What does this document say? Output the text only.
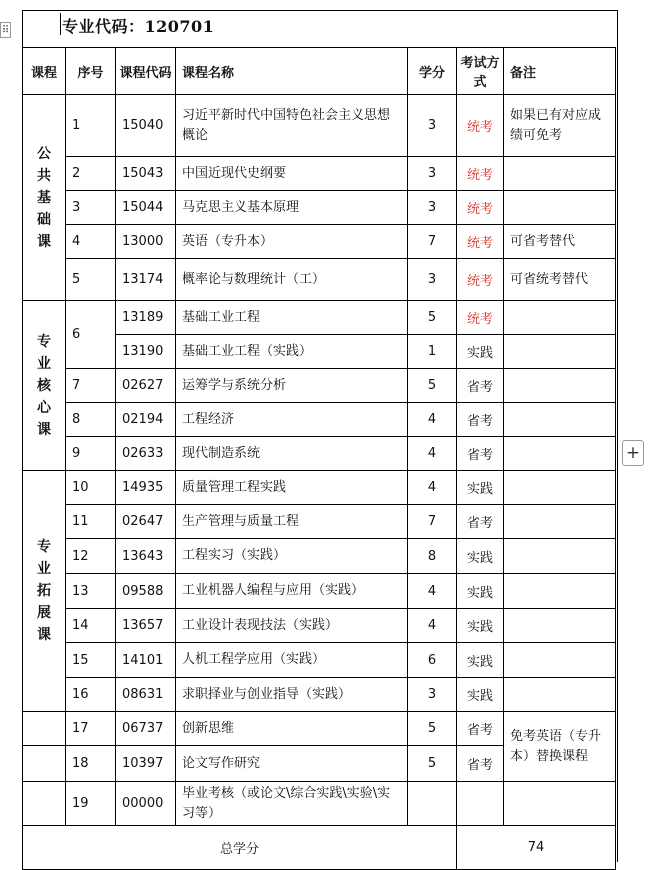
⠿
+
专业代码：120701
课程	序号	课程代码	课程名称	学分	考试方式	备注

公
共
基
础
课	1	15040	习近平新时代中国特色社会主义思想概论	3	统考	如果已有对应成绩可免考
	2	15043	中国近现代史纲要	3	统考	
	3	15044	马克思主义基本原理	3	统考	
	4	13000	英语（专升本）	7	统考	可省考替代
	5	13174	概率论与数理统计（工）	3	统考	可省统考替代

专
业
核
心
课	6	13189	基础工业工程	5	统考	
		13190	基础工业工程（实践）	1	实践	
	7	02627	运筹学与系统分析	5	省考	
	8	02194	工程经济	4	省考	
	9	02633	现代制造系统	4	省考	

专
业
拓
展
课	10	14935	质量管理工程实践	4	实践	
	11	02647	生产管理与质量工程	7	省考	
	12	13643	工程实习（实践）	8	实践	
	13	09588	工业机器人编程与应用（实践）	4	实践	
	14	13657	工业设计表现技法（实践）	4	实践	
	15	14101	人机工程学应用（实践）	6	实践	
	16	08631	求职择业与创业指导（实践）	3	实践	
	17	06737	创新思维	5	省考	免考英语（专升本）替换课程
	18	10397	论文写作研究	5	省考	
	19	00000	毕业考核（或论文\综合实践\实验\实习等）			
总学分					74	
